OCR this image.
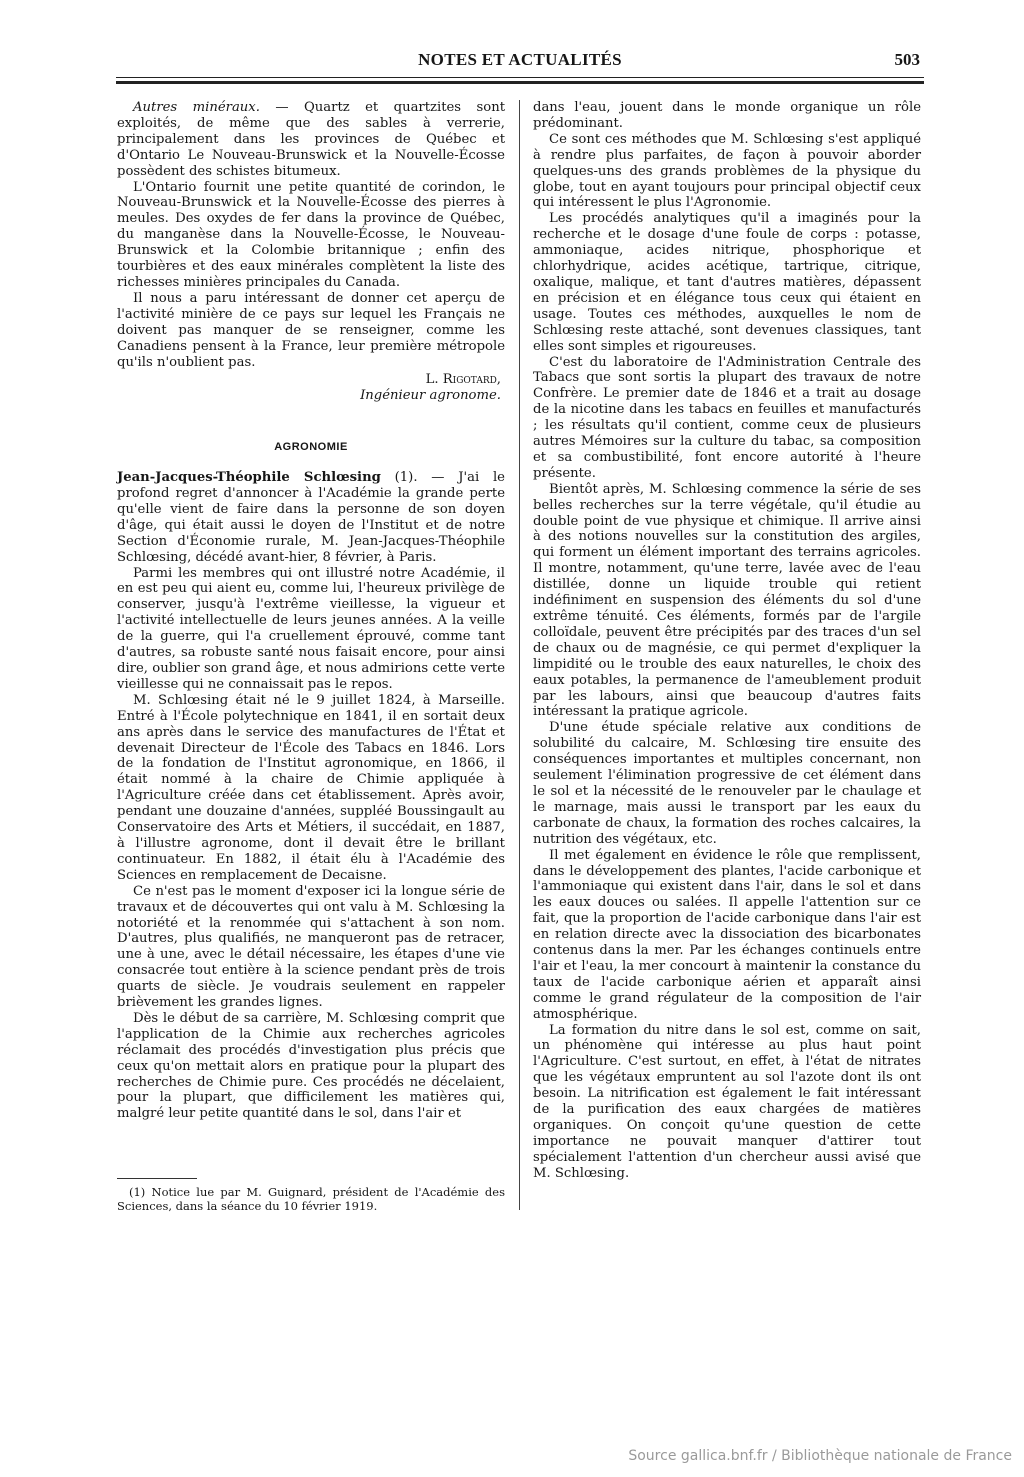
NOTES ET ACTUALITÉS	503

Autres minéraux. — Quartz et quartzites sont exploités, de même que des sables à verrerie, principalement dans les provinces de Québec et d'Ontario Le Nouveau-Brunswick et la Nouvelle-Écosse possèdent des schistes bitumeux.

L'Ontario fournit une petite quantité de corindon, le Nouveau-Brunswick et la Nouvelle-Écosse des pierres à meules. Des oxydes de fer dans la province de Québec, du manganèse dans la Nouvelle-Écosse, le Nouveau-Brunswick et la Colombie britannique ; enfin des tourbières et des eaux minérales complètent la liste des richesses minières principales du Canada.

Il nous a paru intéressant de donner cet aperçu de l'activité minière de ce pays sur lequel les Français ne doivent pas manquer de se renseigner, comme les Canadiens pensent à la France, leur première métropole qu'ils n'oublient pas.

L. Rigotard,
Ingénieur agronome.
AGRONOMIE

Jean-Jacques-Théophile Schlœsing (1). — J'ai le profond regret d'annoncer à l'Académie la grande perte qu'elle vient de faire dans la personne de son doyen d'âge, qui était aussi le doyen de l'Institut et de notre Section d'Économie rurale, M. Jean-Jacques-Théophile Schlœsing, décédé avant-hier, 8 février, à Paris.

Parmi les membres qui ont illustré notre Académie, il en est peu qui aient eu, comme lui, l'heureux privilège de conserver, jusqu'à l'extrême vieillesse, la vigueur et l'activité intellectuelle de leurs jeunes années. A la veille de la guerre, qui l'a cruellement éprouvé, comme tant d'autres, sa robuste santé nous faisait encore, pour ainsi dire, oublier son grand âge, et nous admirions cette verte vieillesse qui ne connaissait pas le repos.

M. Schlœsing était né le 9 juillet 1824, à Marseille. Entré à l'École polytechnique en 1841, il en sortait deux ans après dans le service des manufactures de l'État et devenait Directeur de l'École des Tabacs en 1846. Lors de la fondation de l'Institut agronomique, en 1866, il était nommé à la chaire de Chimie appliquée à l'Agriculture créée dans cet établissement. Après avoir, pendant une douzaine d'années, suppléé Boussingault au Conservatoire des Arts et Métiers, il succédait, en 1887, à l'illustre agronome, dont il devait être le brillant continuateur. En 1882, il était élu à l'Académie des Sciences en remplacement de Decaisne.

Ce n'est pas le moment d'exposer ici la longue série de travaux et de découvertes qui ont valu à M. Schlœsing la notoriété et la renommée qui s'attachent à son nom. D'autres, plus qualifiés, ne manqueront pas de retracer, une à une, avec le détail nécessaire, les étapes d'une vie consacrée tout entière à la science pendant près de trois quarts de siècle. Je voudrais seulement en rappeler brièvement les grandes lignes.

Dès le début de sa carrière, M. Schlœsing comprit que l'application de la Chimie aux recherches agricoles réclamait des procédés d'investigation plus précis que ceux qu'on mettait alors en pratique pour la plupart des recherches de Chimie pure. Ces procédés ne décelaient, pour la plupart, que difficilement les matières qui, malgré leur petite quantité dans le sol, dans l'air et

dans l'eau, jouent dans le monde organique un rôle prédominant.

Ce sont ces méthodes que M. Schlœsing s'est appliqué à rendre plus parfaites, de façon à pouvoir aborder quelques-uns des grands problèmes de la physique du globe, tout en ayant toujours pour principal objectif ceux qui intéressent le plus l'Agronomie.

Les procédés analytiques qu'il a imaginés pour la recherche et le dosage d'une foule de corps : potasse, ammoniaque, acides nitrique, phosphorique et chlorhydrique, acides acétique, tartrique, citrique, oxalique, malique, et tant d'autres matières, dépassent en précision et en élégance tous ceux qui étaient en usage. Toutes ces méthodes, auxquelles le nom de Schlœsing reste attaché, sont devenues classiques, tant elles sont simples et rigoureuses.

C'est du laboratoire de l'Administration Centrale des Tabacs que sont sortis la plupart des travaux de notre Confrère. Le premier date de 1846 et a trait au dosage de la nicotine dans les tabacs en feuilles et manufacturés ; les résultats qu'il contient, comme ceux de plusieurs autres Mémoires sur la culture du tabac, sa composition et sa combustibilité, font encore autorité à l'heure présente.

Bientôt après, M. Schlœsing commence la série de ses belles recherches sur la terre végétale, qu'il étudie au double point de vue physique et chimique. Il arrive ainsi à des notions nouvelles sur la constitution des argiles, qui forment un élément important des terrains agricoles. Il montre, notamment, qu'une terre, lavée avec de l'eau distillée, donne un liquide trouble qui retient indéfiniment en suspension des éléments du sol d'une extrême ténuité. Ces éléments, formés par de l'argile colloïdale, peuvent être précipités par des traces d'un sel de chaux ou de magnésie, ce qui permet d'expliquer la limpidité ou le trouble des eaux naturelles, le choix des eaux potables, la permanence de l'ameublement produit par les labours, ainsi que beaucoup d'autres faits intéressant la pratique agricole.

D'une étude spéciale relative aux conditions de solubilité du calcaire, M. Schlœsing tire ensuite des conséquences importantes et multiples concernant, non seulement l'élimination progressive de cet élément dans le sol et la nécessité de le renouveler par le chaulage et le marnage, mais aussi le transport par les eaux du carbonate de chaux, la formation des roches calcaires, la nutrition des végétaux, etc.

Il met également en évidence le rôle que remplissent, dans le développement des plantes, l'acide carbonique et l'ammoniaque qui existent dans l'air, dans le sol et dans les eaux douces ou salées. Il appelle l'attention sur ce fait, que la proportion de l'acide carbonique dans l'air est en relation directe avec la dissociation des bicarbonates contenus dans la mer. Par les échanges continuels entre l'air et l'eau, la mer concourt à maintenir la constance du taux de l'acide carbonique aérien et apparaît ainsi comme le grand régulateur de la composition de l'air atmosphérique.

La formation du nitre dans le sol est, comme on sait, un phénomène qui intéresse au plus haut point l'Agriculture. C'est surtout, en effet, à l'état de nitrates que les végétaux empruntent au sol l'azote dont ils ont besoin. La nitrification est également le fait intéressant de la purification des eaux chargées de matières organiques. On conçoit qu'une question de cette importance ne pouvait manquer d'attirer tout spécialement l'attention d'un chercheur aussi avisé que M. Schlœsing.

(1) Notice lue par M. Guignard, président de l'Académie des Sciences, dans la séance du 10 février 1919.
Source gallica.bnf.fr / Bibliothèque nationale de France
